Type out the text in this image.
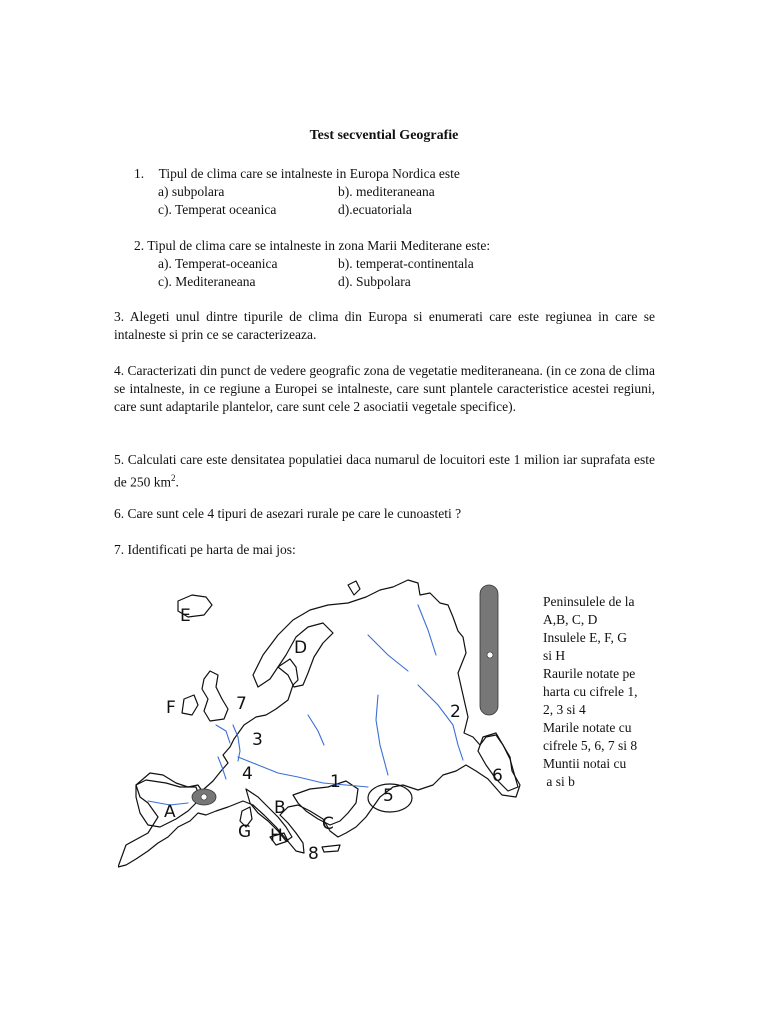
Test secvential Geografie
1. Tipul de clima care se intalneste in Europa Nordica este
a) subpolara	b). mediteraneana
c). Temperat oceanica	d).ecuatoriala
2. Tipul de clima care se intalneste in zona Marii Mediterane este:
a). Temperat-oceanica	b). temperat-continentala
c). Mediteraneana	d). Subpolara
3. Alegeti unul dintre tipurile de clima din Europa si enumerati care este regiunea in care se intalneste si prin ce se caracterizeaza.
4. Caracterizati din punct de vedere geografic zona de vegetatie mediteraneana. (in ce zona de clima se intalneste, in ce regiune a Europei se intalneste, care sunt plantele caracteristice acestei regiuni, care sunt adaptarile plantelor, care sunt cele 2 asociatii vegetale specifice).
5. Calculati care este densitatea populatiei daca numarul de locuitori este 1 milion iar suprafata este de 250 $km^2$.
6. Care sunt cele 4 tipuri de asezari rurale pe care le cunoasteti ?
7. Identificati pe harta de mai jos:
E
D
F	7	2
3
4	1
5
6
A	B
G	C
H
8
Peninsulele de la
A,B, C, D
Insulele E, F, G
si H
Raurile notate pe
harta cu cifrele 1,
2, 3 si 4
Marile notate cu
cifrele 5, 6, 7 si 8
Muntii notai cu
a si b
